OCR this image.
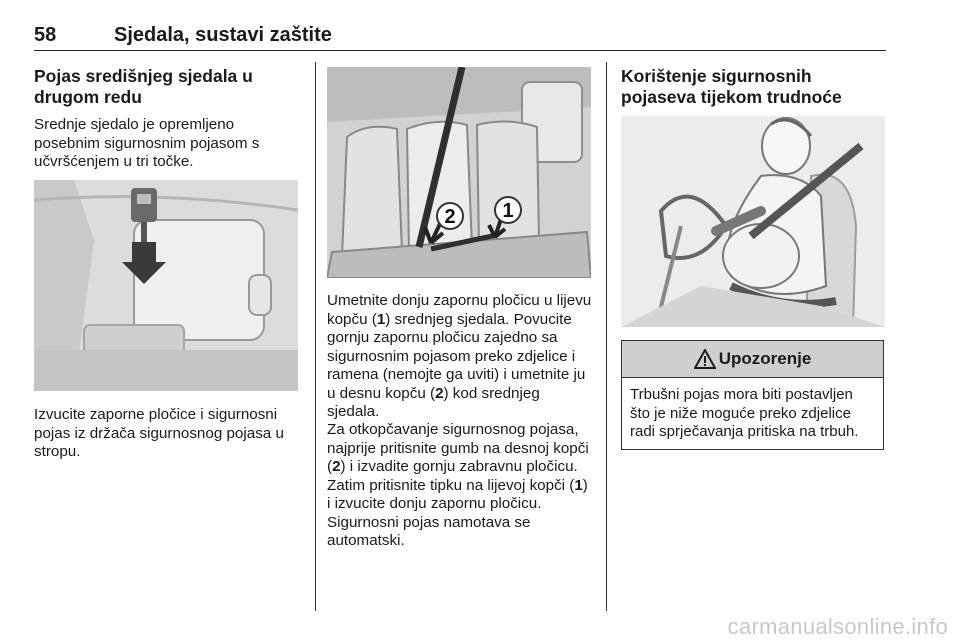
58	Sjedala, sustavi zaštite
Pojas središnjeg sjedala u drugom redu

Srednje sjedalo je opremljeno posebnim sigurnosnim pojasom s učvršćenjem u tri točke.

Izvucite zaporne pločice i sigurnosni pojas iz držača sigurnosnog pojasa u stropu.

2 1

Umetnite donju zapornu pločicu u lijevu kopču (1) srednjeg sjedala. Povucite gornju zapornu pločicu zajedno sa sigurnosnim pojasom preko zdjelice i ramena (nemojte ga uviti) i umetnite ju u desnu kopču (2) kod srednjeg sjedala.

Za otkopčavanje sigurnosnog pojasa, najprije pritisnite gumb na desnoj kopči (2) i izvadite gornju zabravnu pločicu. Zatim pritisnite tipku na lijevoj kopči (1) i izvucite donju zapornu pločicu. Sigurnosni pojas namotava se automatski.

Korištenje sigurnosnih pojaseva tijekom trudnoće
Upozorenje
Trbušni pojas mora biti postavljen što je niže moguće preko zdjelice radi sprječavanja pritiska na trbuh.
carmanualsonline.info
